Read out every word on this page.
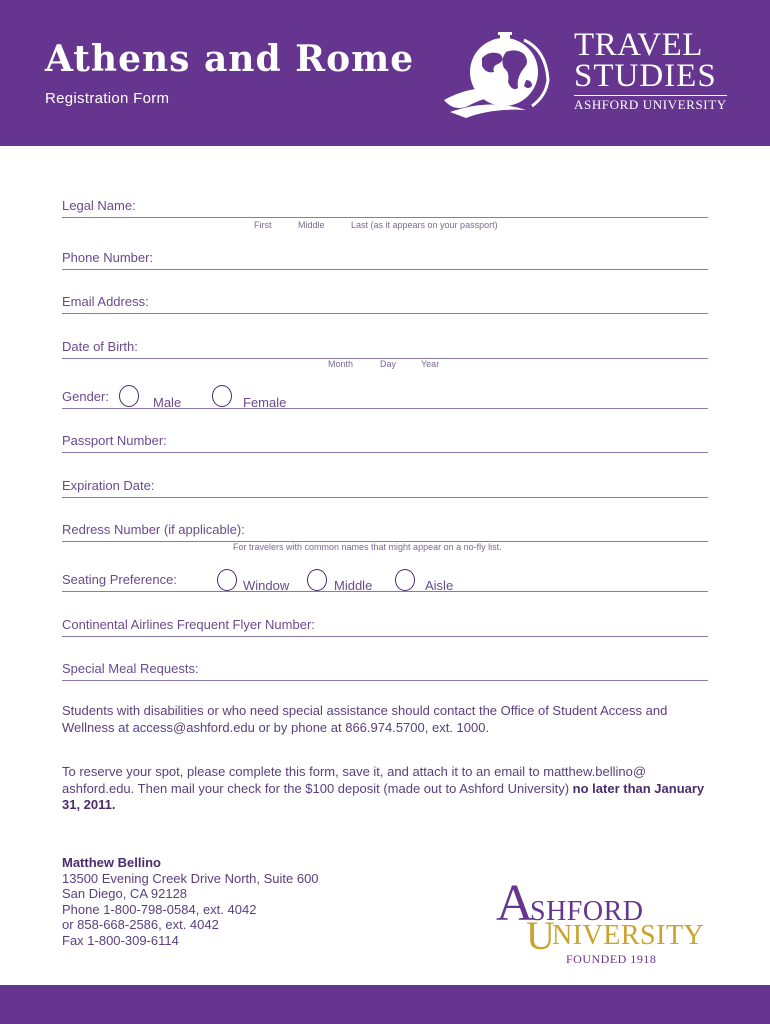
Athens and Rome
Registration Form
TRAVEL
STUDIES
ASHFORD UNIVERSITY
Legal Name:
First	Middle	Last (as it appears on your passport)
Phone Number:
Email Address:
Date of Birth:
Month	Day	Year
Gender:	Male	Female
Passport Number:
Expiration Date:
Redress Number (if applicable):
For travelers with common names that might appear on a no-fly list.
Seating Preference:	Window	Middle	Aisle
Continental Airlines Frequent Flyer Number:
Special Meal Requests:

Students with disabilities or who need special assistance should contact the Office of Student Access and Wellness at access@ashford.edu or by phone at 866.974.5700, ext. 1000.

To reserve your spot, please complete this form, save it, and attach it to an email to matthew.bellino@ ashford.edu. Then mail your check for the $100 deposit (made out to Ashford University) no later than January 31, 2011.

Matthew Bellino
13500 Evening Creek Drive North, Suite 600
San Diego, CA 92128
Phone 1-800-798-0584, ext. 4042
or 858-668-2586, ext. 4042
Fax 1-800-309-6114
A
SHFORD
U
NIVERSITY
FOUNDED 1918
